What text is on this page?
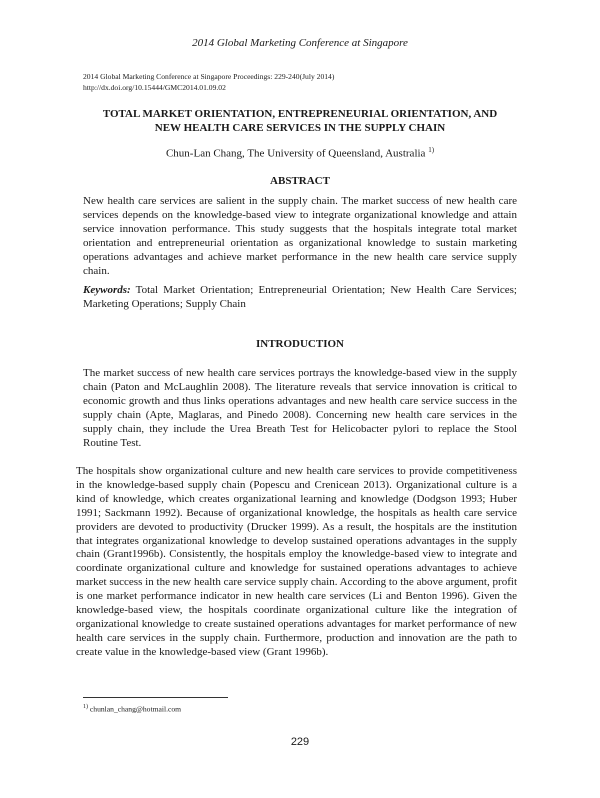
2014 Global Marketing Conference at Singapore
2014 Global Marketing Conference at Singapore Proceedings: 229-240(July 2014)
http://dx.doi.org/10.15444/GMC2014.01.09.02
TOTAL MARKET ORIENTATION, ENTREPRENEURIAL ORIENTATION, AND
NEW HEALTH CARE SERVICES IN THE SUPPLY CHAIN
Chun-Lan Chang, The University of Queensland, Australia $^{1)}$
ABSTRACT
New health care services are salient in the supply chain. The market success of new health care services depends on the knowledge-based view to integrate organizational knowledge and attain service innovation performance. This study suggests that the hospitals integrate total market orientation and entrepreneurial orientation as organizational knowledge to sustain marketing operations advantages and achieve market performance in the new health care service supply chain.
Keywords: Total Market Orientation; Entrepreneurial Orientation; New Health Care Services; Marketing Operations; Supply Chain
INTRODUCTION
The market success of new health care services portrays the knowledge-based view in the supply chain (Paton and McLaughlin 2008). The literature reveals that service innovation is critical to economic growth and thus links operations advantages and new health care service success in the supply chain (Apte, Maglaras, and Pinedo 2008). Concerning new health care services in the supply chain, they include the Urea Breath Test for Helicobacter pylori to replace the Stool Routine Test.
The hospitals show organizational culture and new health care services to provide competitiveness in the knowledge-based supply chain (Popescu and Crenicean 2013). Organizational culture is a kind of knowledge, which creates organizational learning and knowledge (Dodgson 1993; Huber 1991; Sackmann 1992). Because of organizational knowledge, the hospitals as health care service providers are devoted to productivity (Drucker 1999). As a result, the hospitals are the institution that integrates organizational knowledge to develop sustained operations advantages in the supply chain (Grant1996b). Consistently, the hospitals employ the knowledge-based view to integrate and coordinate organizational culture and knowledge for sustained operations advantages to achieve market success in the new health care service supply chain. According to the above argument, profit is one market performance indicator in new health care services (Li and Benton 1996). Given the knowledge-based view, the hospitals coordinate organizational culture like the integration of organizational knowledge to create sustained operations advantages for market performance of new health care services in the supply chain. Furthermore, production and innovation are the path to create value in the knowledge-based view (Grant 1996b).
$^{1)}$ chunlan_chang@hotmail.com
229
